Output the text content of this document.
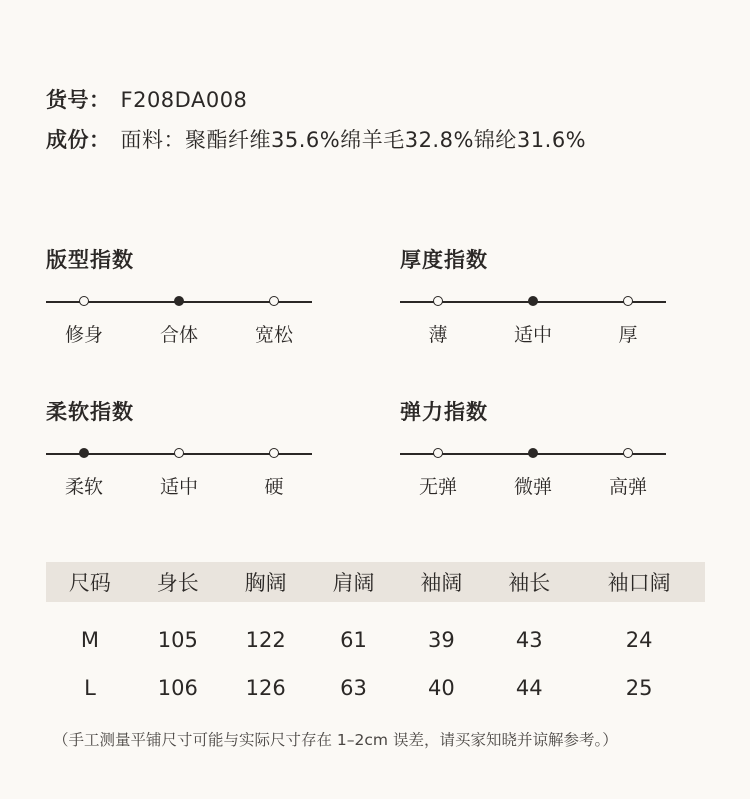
货号： F208DA008
成份： 面料：聚酯纤维35.6%绵羊毛32.8%锦纶31.6%
版型指数
修身	合体	宽松
厚度指数
薄	适中	厚
柔软指数
柔软	适中	硬
弹力指数
无弹	微弹	高弹
尺码	身长	胸阔	肩阔	袖阔	袖长	袖口阔
M	105	122	61	39	43	24
L	106	126	63	40	44	25
（手工测量平铺尺寸可能与实际尺寸存在 1–2cm 误差，请买家知晓并谅解参考。）
